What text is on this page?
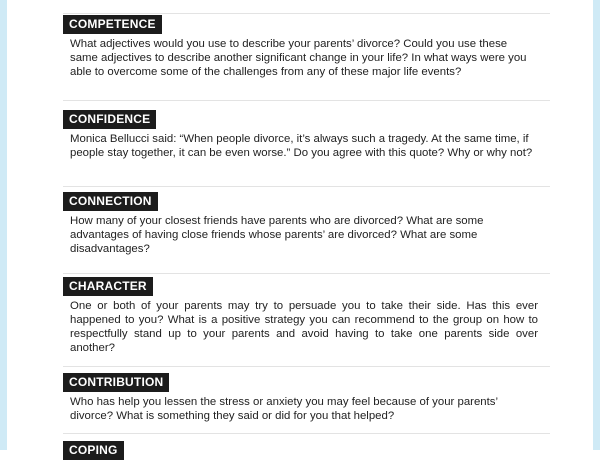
COMPETENCE
What adjectives would you use to describe your parents’ divorce? Could you use these same adjectives to describe another significant change in your life? In what ways were you able to overcome some of the challenges from any of these major life events?
CONFIDENCE
Monica Bellucci said: “When people divorce, it’s always such a tragedy. At the same time, if people stay together, it can be even worse.” Do you agree with this quote? Why or why not?
CONNECTION
How many of your closest friends have parents who are divorced? What are some advantages of having close friends whose parents’ are divorced? What are some disadvantages?
CHARACTER
One or both of your parents may try to persuade you to take their side. Has this ever happened to you? What is a positive strategy you can recommend to the group on how to respectfully stand up to your parents and avoid having to take one parents side over another?
CONTRIBUTION
Who has help you lessen the stress or anxiety you may feel because of your parents’ divorce? What is something they said or did for you that helped?
COPING
